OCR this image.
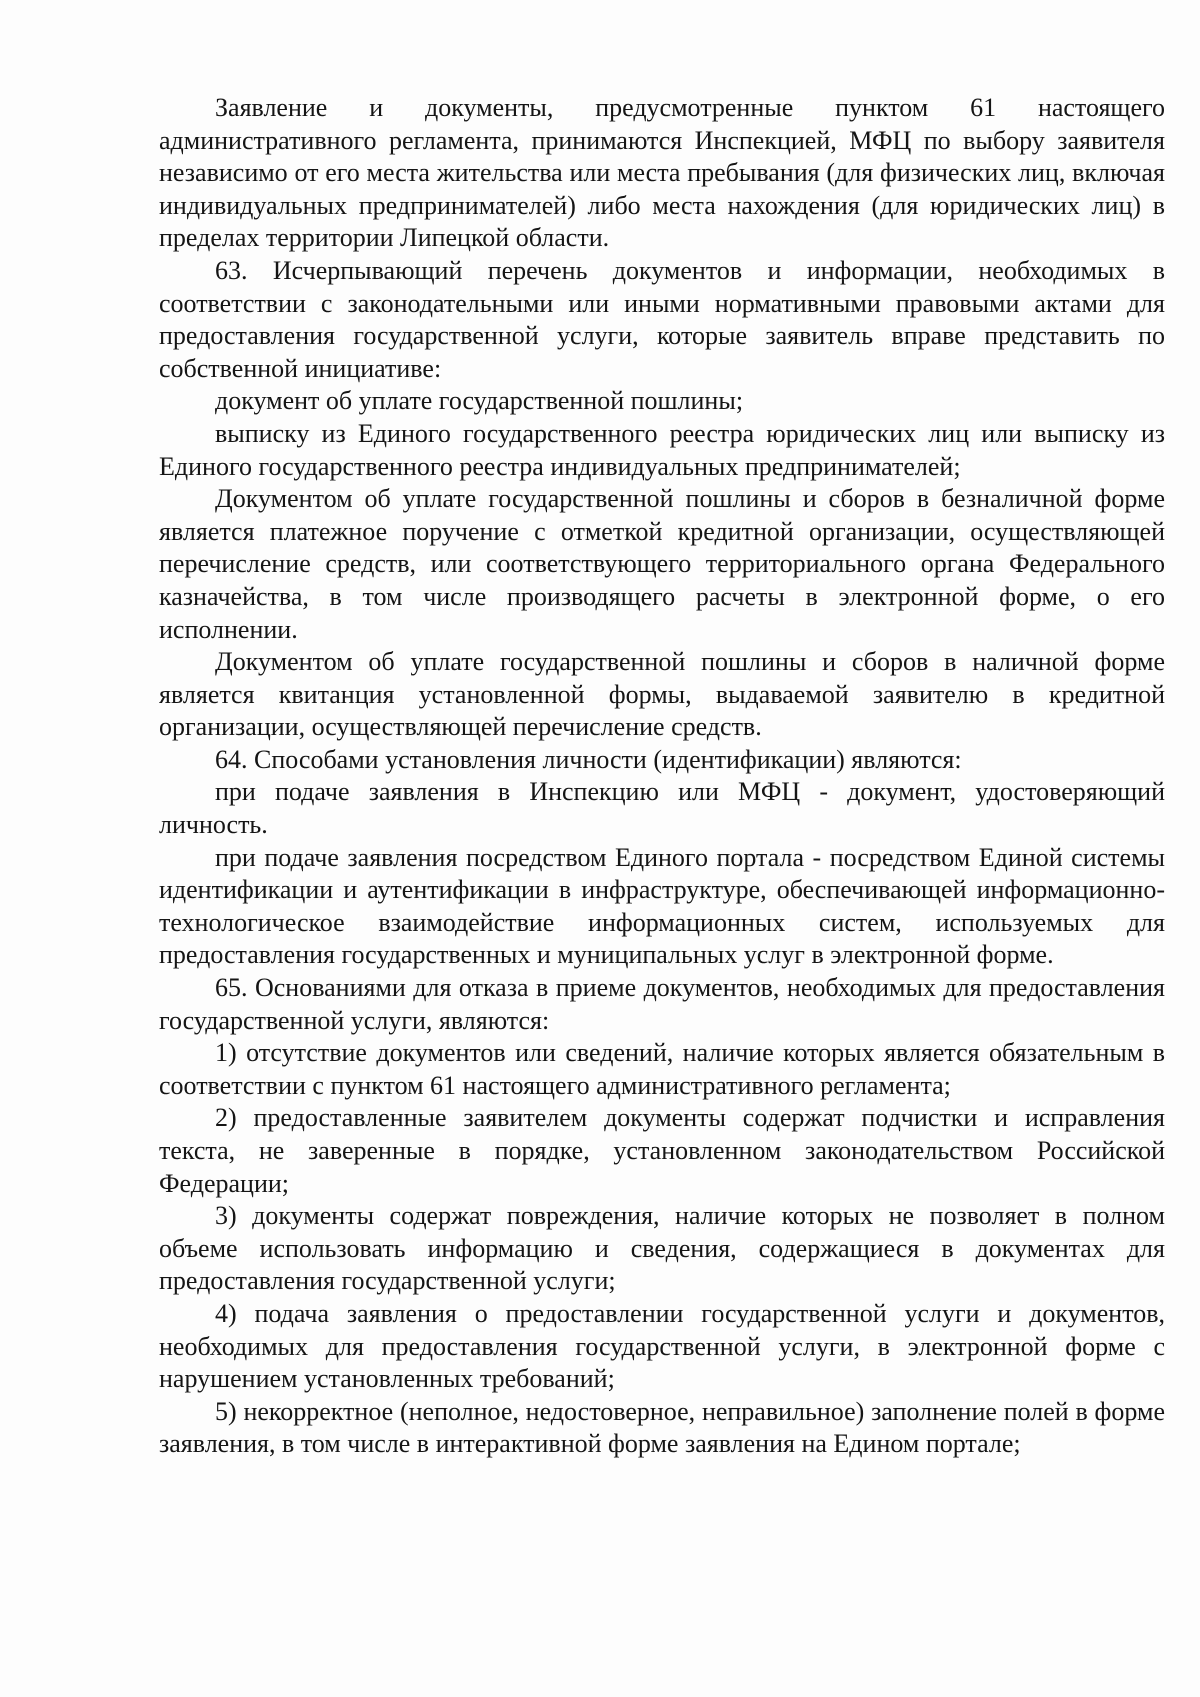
Заявление и документы, предусмотренные пунктом 61 настоящего административного регламента, принимаются Инспекцией, МФЦ по выбору заявителя независимо от его места жительства или места пребывания (для физических лиц, включая индивидуальных предпринимателей) либо места нахождения (для юридических лиц) в пределах территории Липецкой области.

63. Исчерпывающий перечень документов и информации, необходимых в соответствии с законодательными или иными нормативными правовыми актами для предоставления государственной услуги, которые заявитель вправе представить по собственной инициативе:

документ об уплате государственной пошлины;

выписку из Единого государственного реестра юридических лиц или выписку из Единого государственного реестра индивидуальных предпринимателей;

Документом об уплате государственной пошлины и сборов в безналичной форме является платежное поручение с отметкой кредитной организации, осуществляющей перечисление средств, или соответствующего территориального органа Федерального казначейства, в том числе производящего расчеты в электронной форме, о его исполнении.

Документом об уплате государственной пошлины и сборов в наличной форме является квитанция установленной формы, выдаваемой заявителю в кредитной организации, осуществляющей перечисление средств.

64. Способами установления личности (идентификации) являются:

при подаче заявления в Инспекцию или МФЦ - документ, удостоверяющий личность.

при подаче заявления посредством Единого портала - посредством Единой системы идентификации и аутентификации в инфраструктуре, обеспечивающей информационно-технологическое взаимодействие информационных систем, используемых для предоставления государственных и муниципальных услуг в электронной форме.

65. Основаниями для отказа в приеме документов, необходимых для предоставления государственной услуги, являются:

1) отсутствие документов или сведений, наличие которых является обязательным в соответствии с пунктом 61 настоящего административного регламента;

2) предоставленные заявителем документы содержат подчистки и исправления текста, не заверенные в порядке, установленном законодательством Российской Федерации;

3) документы содержат повреждения, наличие которых не позволяет в полном объеме использовать информацию и сведения, содержащиеся в документах для предоставления государственной услуги;

4) подача заявления о предоставлении государственной услуги и документов, необходимых для предоставления государственной услуги, в электронной форме с нарушением установленных требований;

5) некорректное (неполное, недостоверное, неправильное) заполнение полей в форме заявления, в том числе в интерактивной форме заявления на Едином портале;
